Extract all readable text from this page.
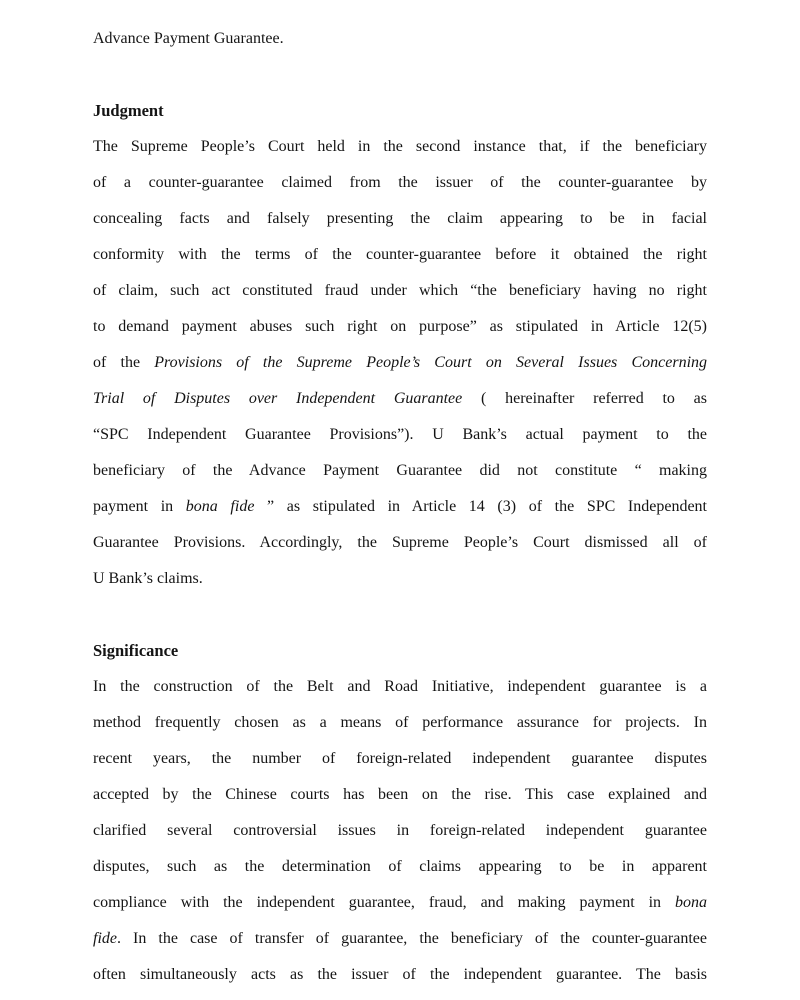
Advance Payment Guarantee.

Judgment
The Supreme People’s Court held in the second instance that, if the beneficiary
of a counter-guarantee claimed from the issuer of the counter-guarantee by
concealing facts and falsely presenting the claim appearing to be in facial
conformity with the terms of the counter-guarantee before it obtained the right
of claim, such act constituted fraud under which “the beneficiary having no right
to demand payment abuses such right on purpose” as stipulated in Article 12(5)
of the Provisions of the Supreme People’s Court on Several Issues Concerning
Trial of Disputes over Independent Guarantee ( hereinafter referred to as
“SPC Independent Guarantee Provisions”). U Bank’s actual payment to the
beneficiary of the Advance Payment Guarantee did not constitute “ making
payment in bona fide ” as stipulated in Article 14 (3) of the SPC Independent
Guarantee Provisions. Accordingly, the Supreme People’s Court dismissed all of
U Bank’s claims.
Significance
In the construction of the Belt and Road Initiative, independent guarantee is a
method frequently chosen as a means of performance assurance for projects. In
recent years, the number of foreign-related independent guarantee disputes
accepted by the Chinese courts has been on the rise. This case explained and
clarified several controversial issues in foreign-related independent guarantee
disputes, such as the determination of claims appearing to be in apparent
compliance with the independent guarantee, fraud, and making payment in bona
fide. In the case of transfer of guarantee, the beneficiary of the counter-guarantee
often simultaneously acts as the issuer of the independent guarantee. The basis
